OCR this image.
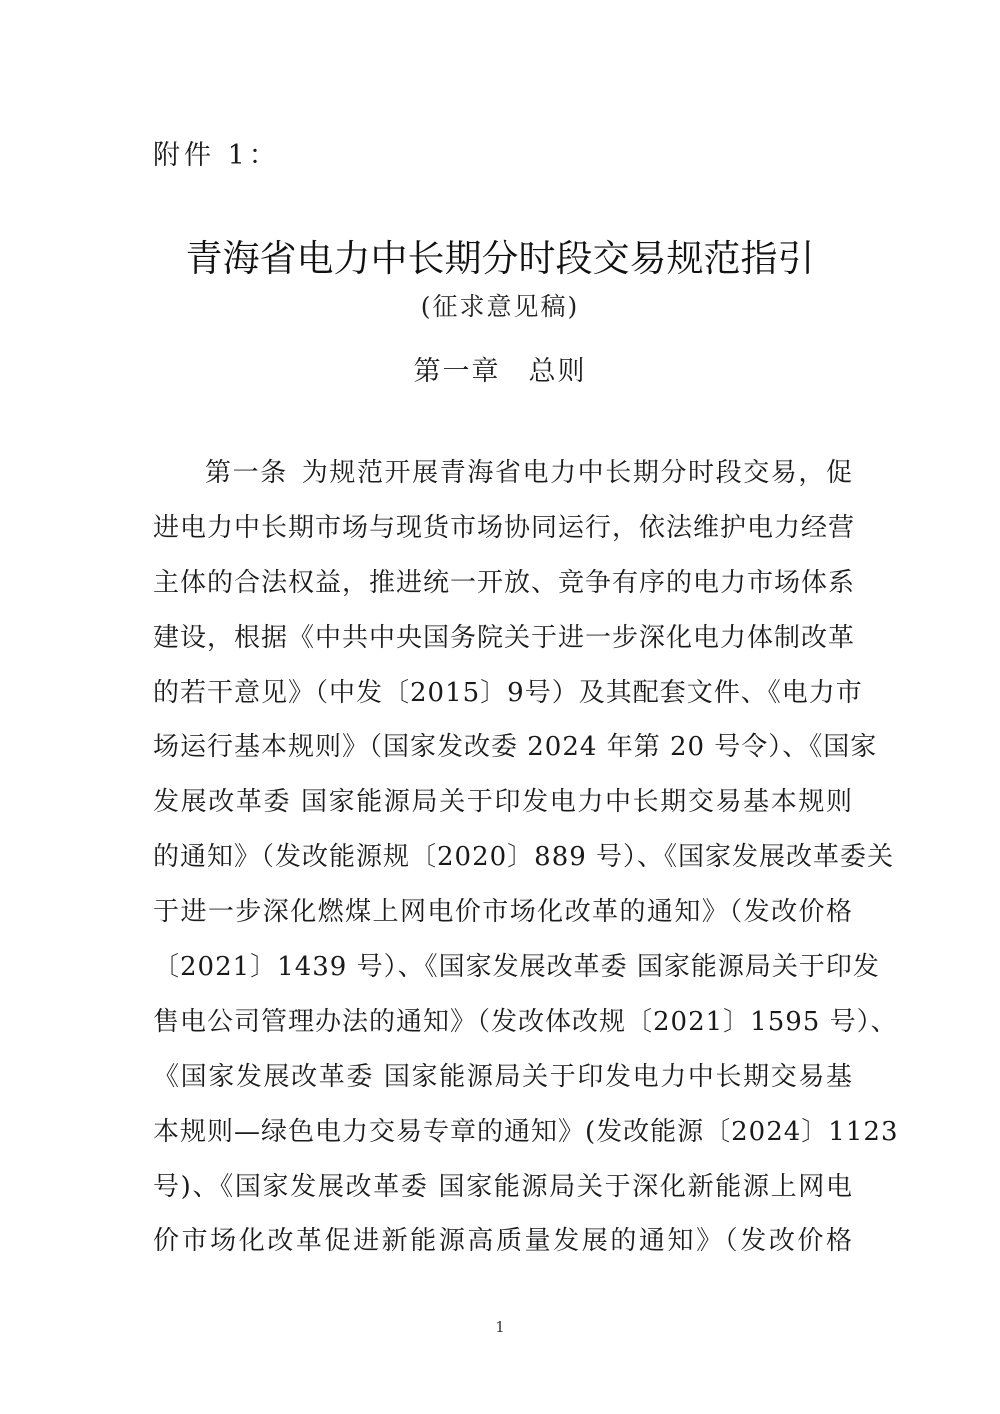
附件 1：
青海省电力中长期分时段交易规范指引
(征求意见稿)
第一章 总则
第一条 为规范开展青海省电力中长期分时段交易，促
进电力中长期市场与现货市场协同运行，依法维护电力经营
主体的合法权益，推进统一开放、竞争有序的电力市场体系
建设，根据《中共中央国务院关于进一步深化电力体制改革
的若干意见》（中发〔2015〕9号）及其配套文件、《电力市
场运行基本规则》（国家发改委 2024 年第 20 号令）、《国家
发展改革委 国家能源局关于印发电力中长期交易基本规则
的通知》（发改能源规〔2020〕889 号）、《国家发展改革委关
于进一步深化燃煤上网电价市场化改革的通知》（发改价格
〔2021〕1439 号）、《国家发展改革委 国家能源局关于印发
售电公司管理办法的通知》（发改体改规〔2021〕1595 号）、
《国家发展改革委 国家能源局关于印发电力中长期交易基
本规则—绿色电力交易专章的通知》(发改能源〔2024〕1123
号)、《国家发展改革委 国家能源局关于深化新能源上网电
价市场化改革促进新能源高质量发展的通知》（发改价格
1
